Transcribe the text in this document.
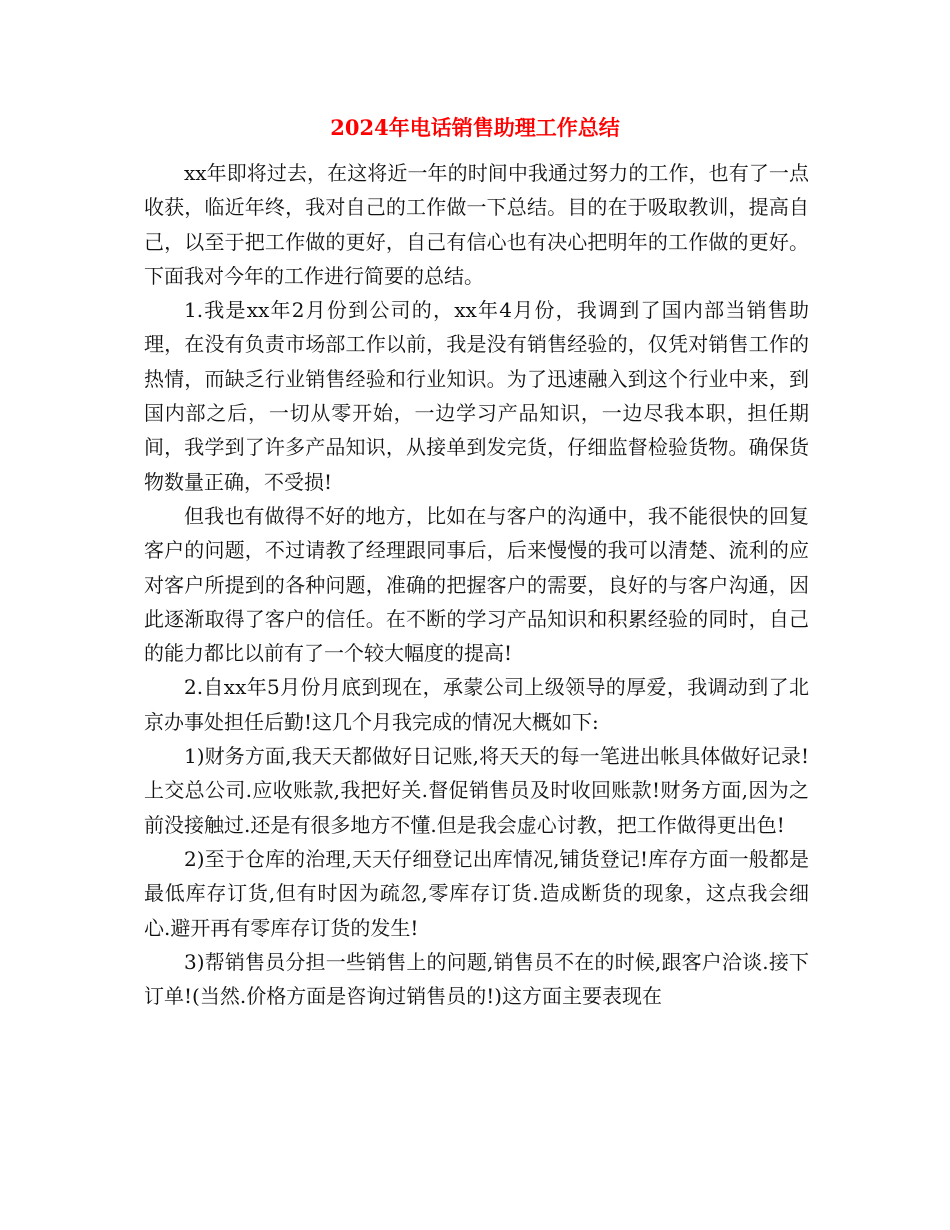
2024年电话销售助理工作总结

xx年即将过去，在这将近一年的时间中我通过努力的工作，也有了一点收获，临近年终，我对自己的工作做一下总结。目的在于吸取教训，提高自己，以至于把工作做的更好，自己有信心也有决心把明年的工作做的更好。下面我对今年的工作进行简要的总结。

1.我是xx年2月份到公司的，xx年4月份，我调到了国内部当销售助理，在没有负责市场部工作以前，我是没有销售经验的，仅凭对销售工作的热情，而缺乏行业销售经验和行业知识。为了迅速融入到这个行业中来，到国内部之后，一切从零开始，一边学习产品知识，一边尽我本职，担任期间，我学到了许多产品知识，从接单到发完货，仔细监督检验货物。确保货物数量正确，不受损!

但我也有做得不好的地方，比如在与客户的沟通中，我不能很快的回复客户的问题，不过请教了经理跟同事后，后来慢慢的我可以清楚、流利的应对客户所提到的各种问题，准确的把握客户的需要，良好的与客户沟通，因此逐渐取得了客户的信任。在不断的学习产品知识和积累经验的同时，自己的能力都比以前有了一个较大幅度的提高!

2.自xx年5月份月底到现在，承蒙公司上级领导的厚爱，我调动到了北京办事处担任后勤!这几个月我完成的情况大概如下:

1)财务方面,我天天都做好日记账,将天天的每一笔进出帐具体做好记录!上交总公司.应收账款,我把好关.督促销售员及时收回账款!财务方面,因为之前没接触过.还是有很多地方不懂.但是我会虚心讨教，把工作做得更出色!

2)至于仓库的治理,天天仔细登记出库情况,铺货登记!库存方面一般都是最低库存订货,但有时因为疏忽,零库存订货.造成断货的现象，这点我会细心.避开再有零库存订货的发生!

3)帮销售员分担一些销售上的问题,销售员不在的时候,跟客户洽谈.接下订单!(当然.价格方面是咨询过销售员的!)这方面主要表现在
